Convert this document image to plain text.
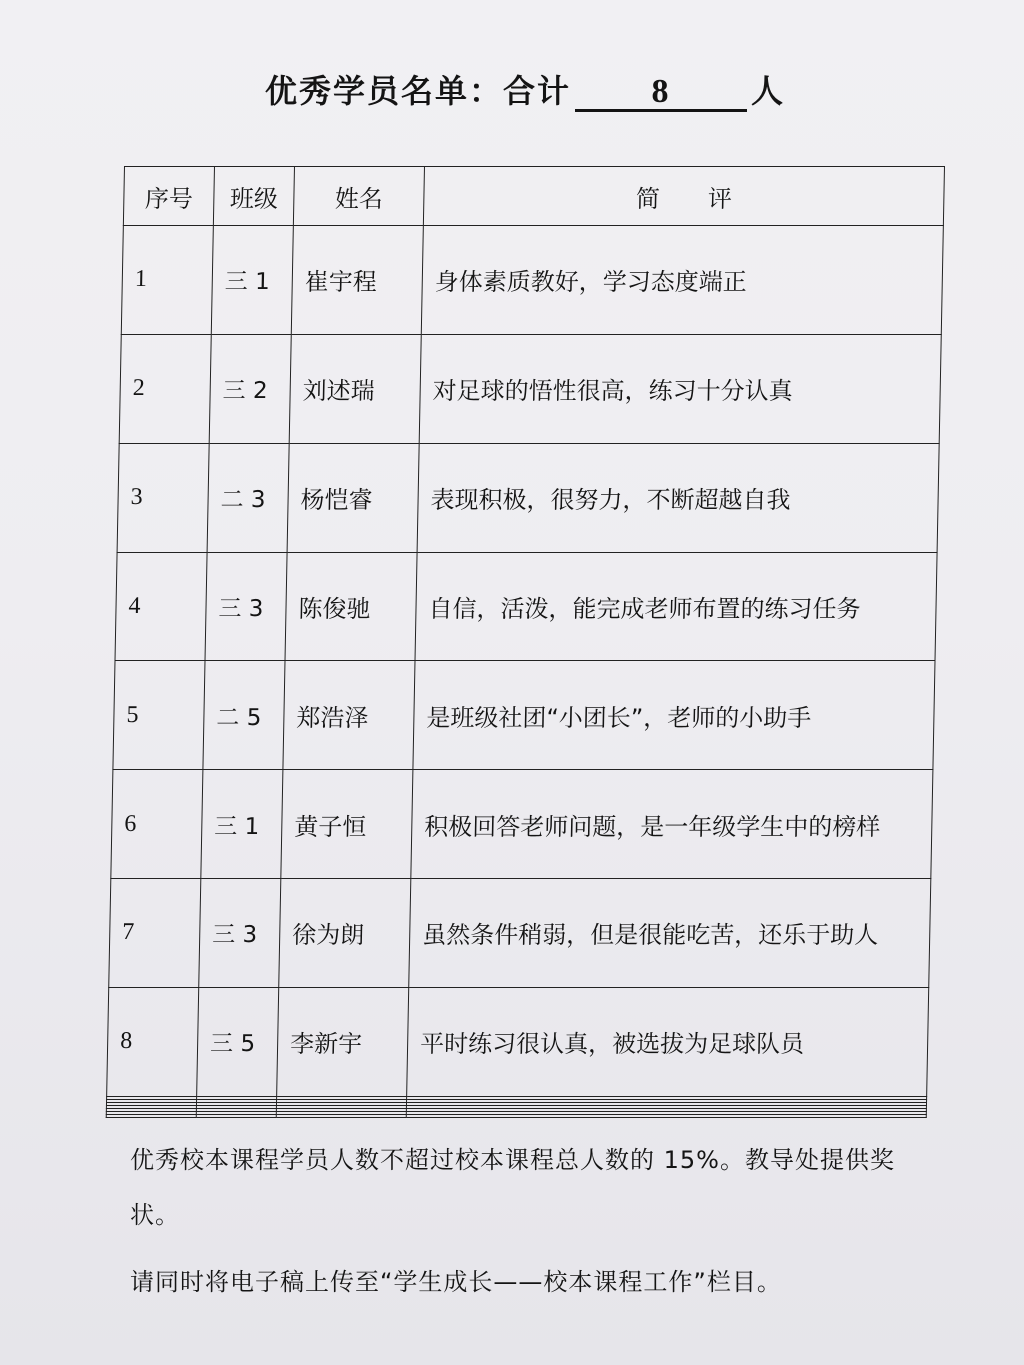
优秀学员名单：合计 8	人
序号	班级	姓名	简　　评
1	三 1	崔宇程	身体素质教好，学习态度端正
2	三 2	刘述瑞	对足球的悟性很高，练习十分认真
3	二 3	杨恺睿	表现积极，很努力，不断超越自我
4	三 3	陈俊驰	自信，活泼，能完成老师布置的练习任务
5	二 5	郑浩泽	是班级社团“小团长”，老师的小助手
6	三 1	黄子恒	积极回答老师问题，是一年级学生中的榜样
7	三 3	徐为朗	虽然条件稍弱，但是很能吃苦，还乐于助人
8	三 5	李新宇	平时练习很认真，被选拔为足球队员

优秀校本课程学员人数不超过校本课程总人数的 15%。教导处提供奖
状。
请同时将电子稿上传至“学生成长——校本课程工作”栏目。
